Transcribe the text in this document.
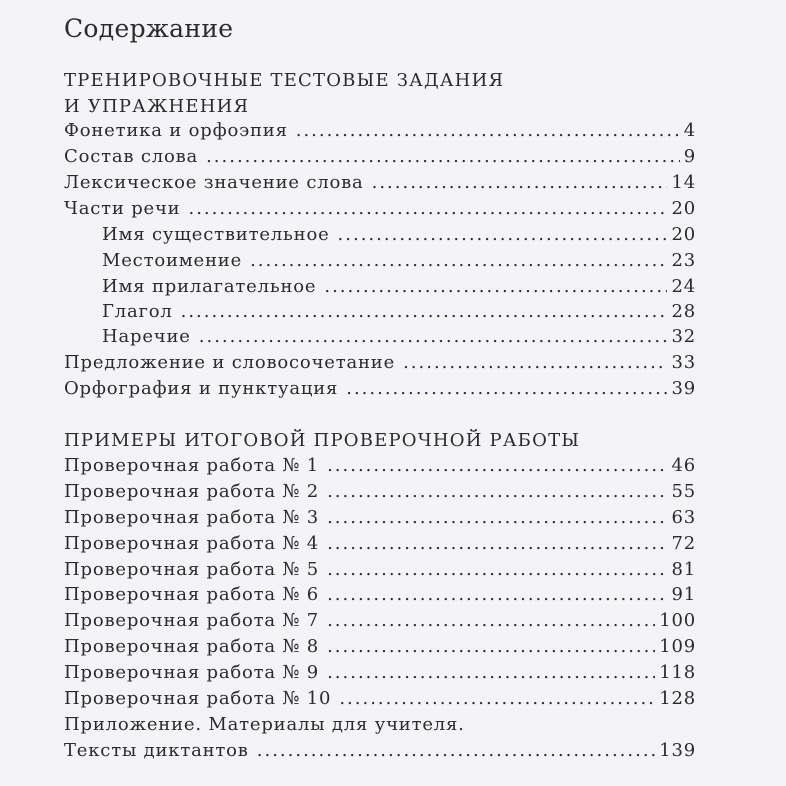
Содержание
ТРЕНИРОВОЧНЫЕ ТЕСТОВЫЕ ЗАДАНИЯ
И УПРАЖНЕНИЯ
Фонетика и орфоэпия .....	4
Состав слова .....	9
Лексическое значение слова .....	14
Части речи .....	20
Имя существительное .....	20
Местоимение .....	23
Имя прилагательное .....	24
Глагол .....	28
Наречие .....	32
Предложение и словосочетание .....	33
Орфография и пунктуация .....	39
ПРИМЕРЫ ИТОГОВОЙ ПРОВЕРОЧНОЙ РАБОТЫ
Проверочная работа № 1 .....	46
Проверочная работа № 2 .....	55
Проверочная работа № 3 .....	63
Проверочная работа № 4 .....	72
Проверочная работа № 5 .....	81
Проверочная работа № 6 .....	91
Проверочная работа № 7 .....	100
Проверочная работа № 8 .....	109
Проверочная работа № 9 .....	118
Проверочная работа № 10 .....	128
Приложение. Материалы для учителя.
Тексты диктантов .....	139
